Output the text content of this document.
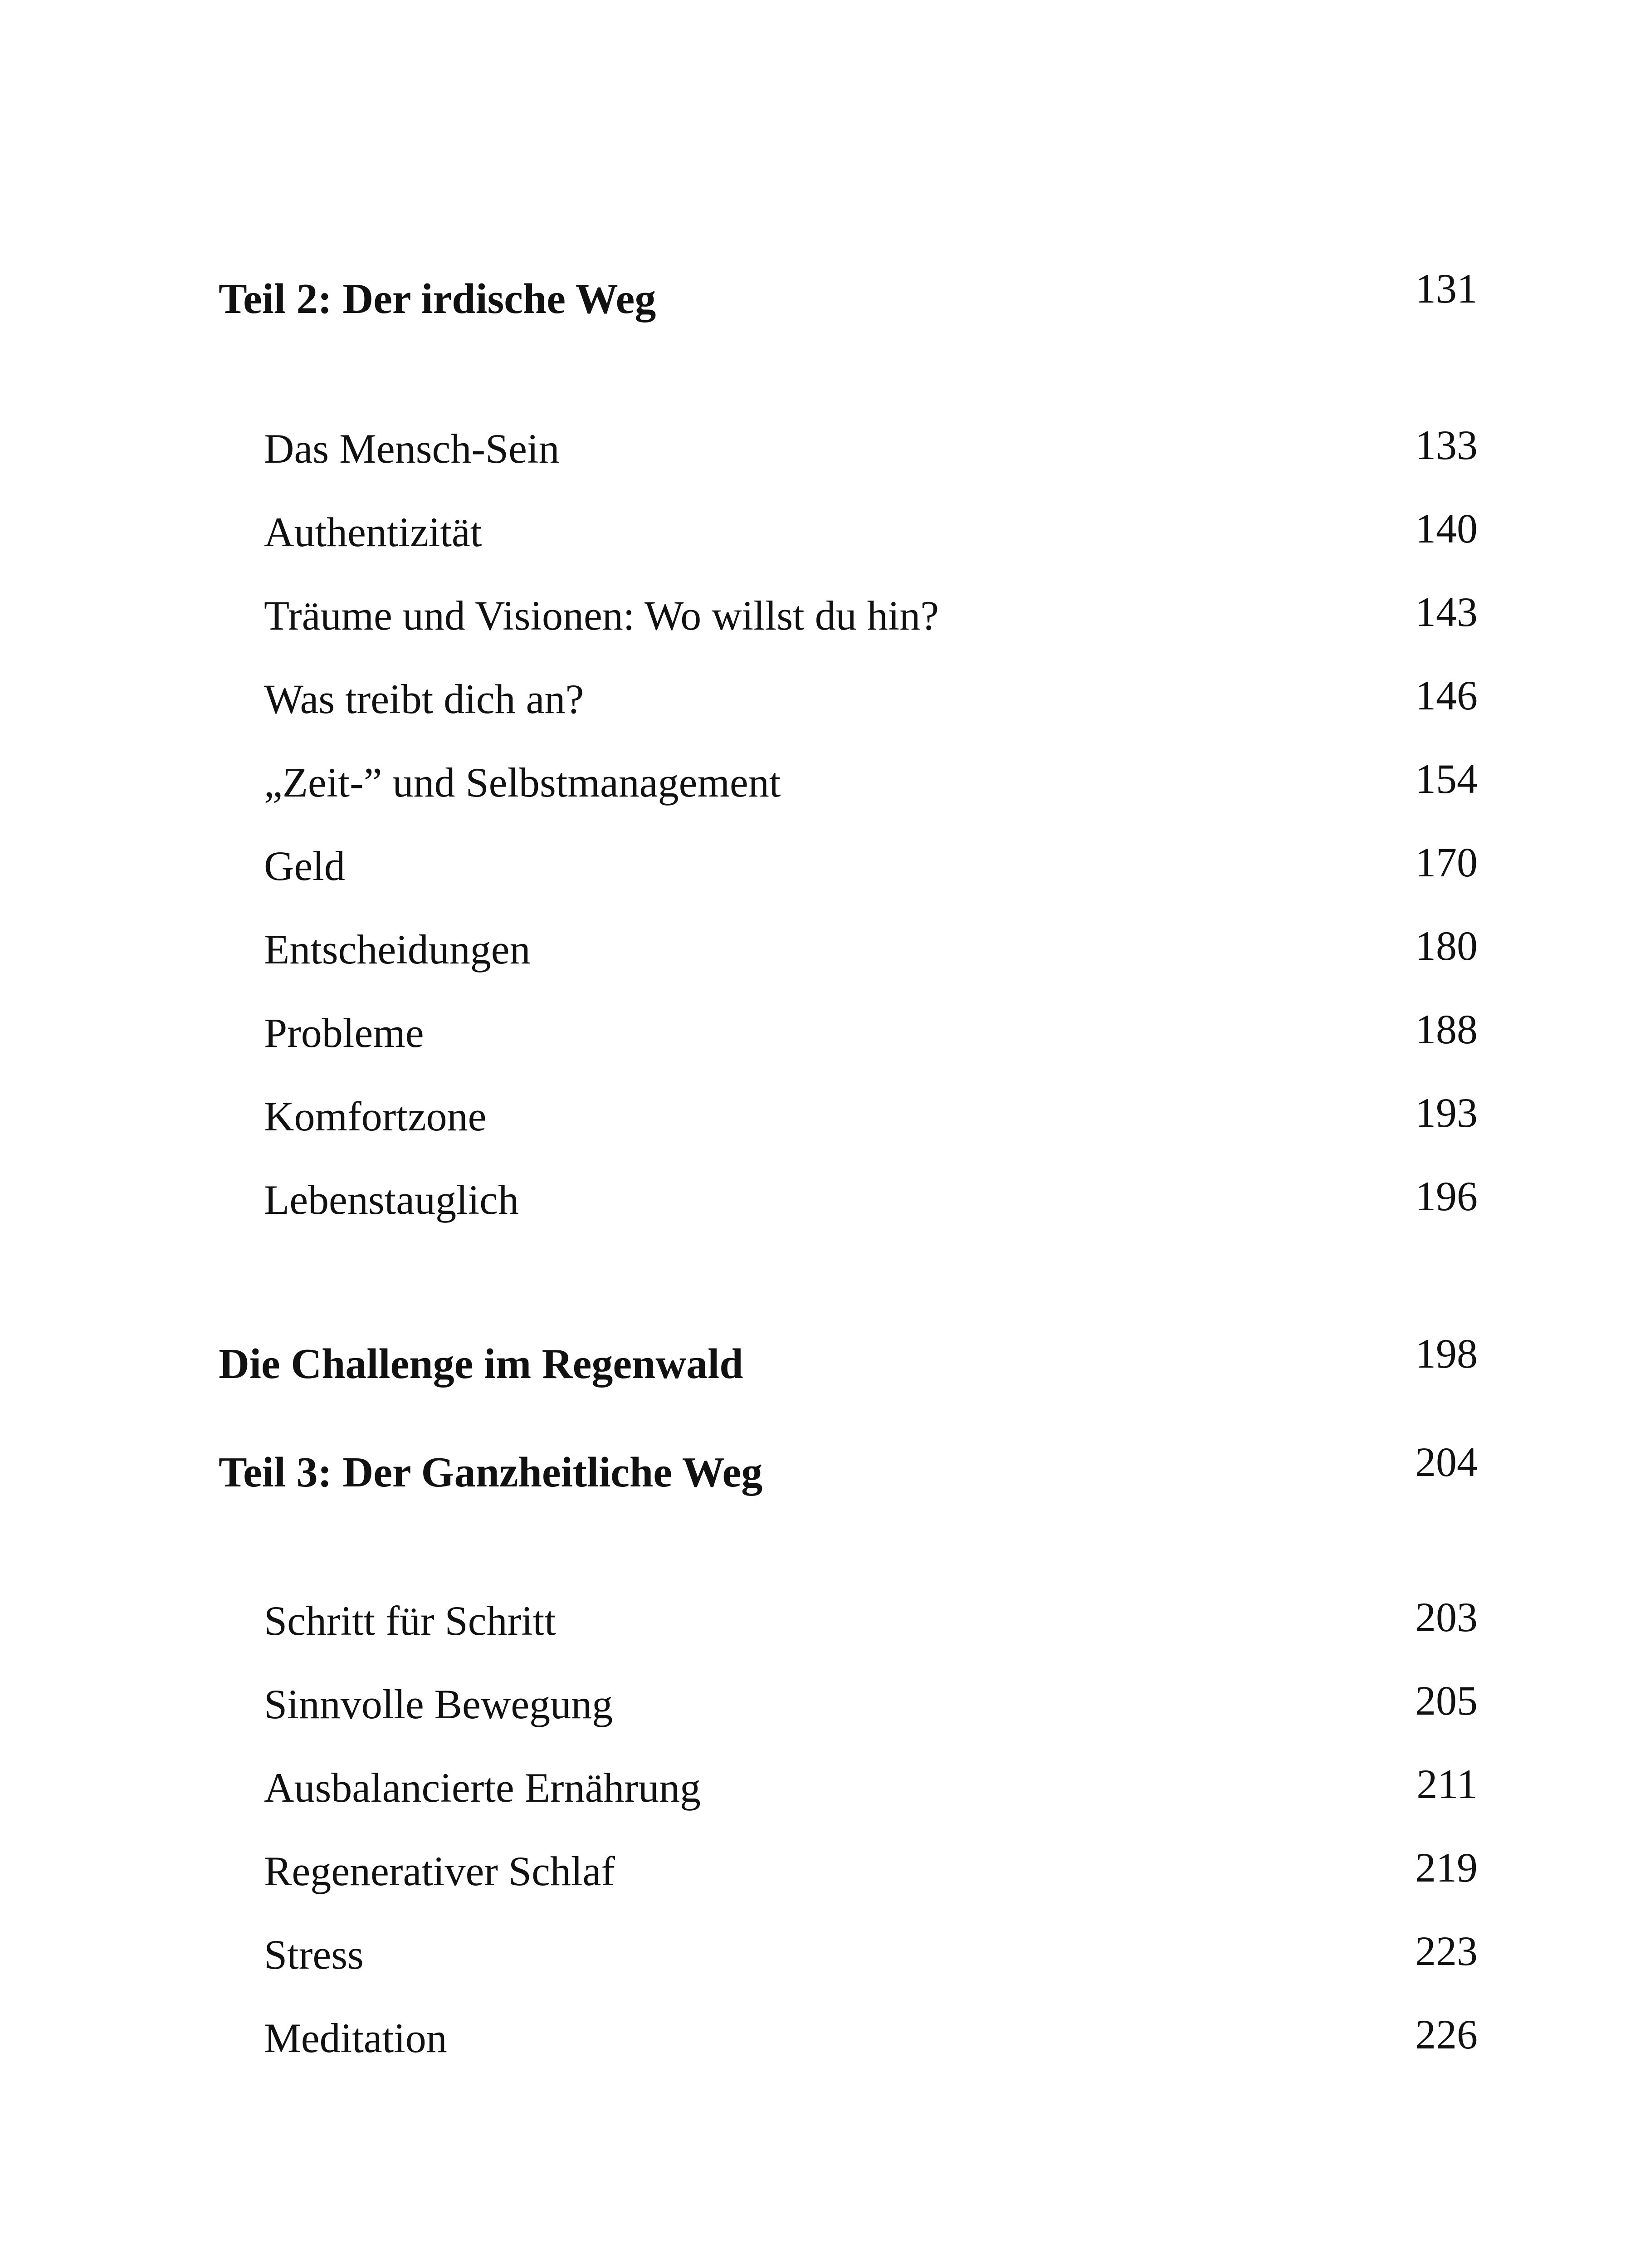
Teil 2: Der irdische Weg	131
Das Mensch-Sein	133
Authentizität	140
Träume und Visionen: Wo willst du hin?	143
Was treibt dich an?	146
„Zeit-” und Selbstmanagement	154
Geld	170
Entscheidungen	180
Probleme	188
Komfortzone	193
Lebenstauglich	196
Die Challenge im Regenwald	198
Teil 3: Der Ganzheitliche Weg	204
Schritt für Schritt	203
Sinnvolle Bewegung	205
Ausbalancierte Ernährung	211
Regenerativer Schlaf	219
Stress	223
Meditation	226
